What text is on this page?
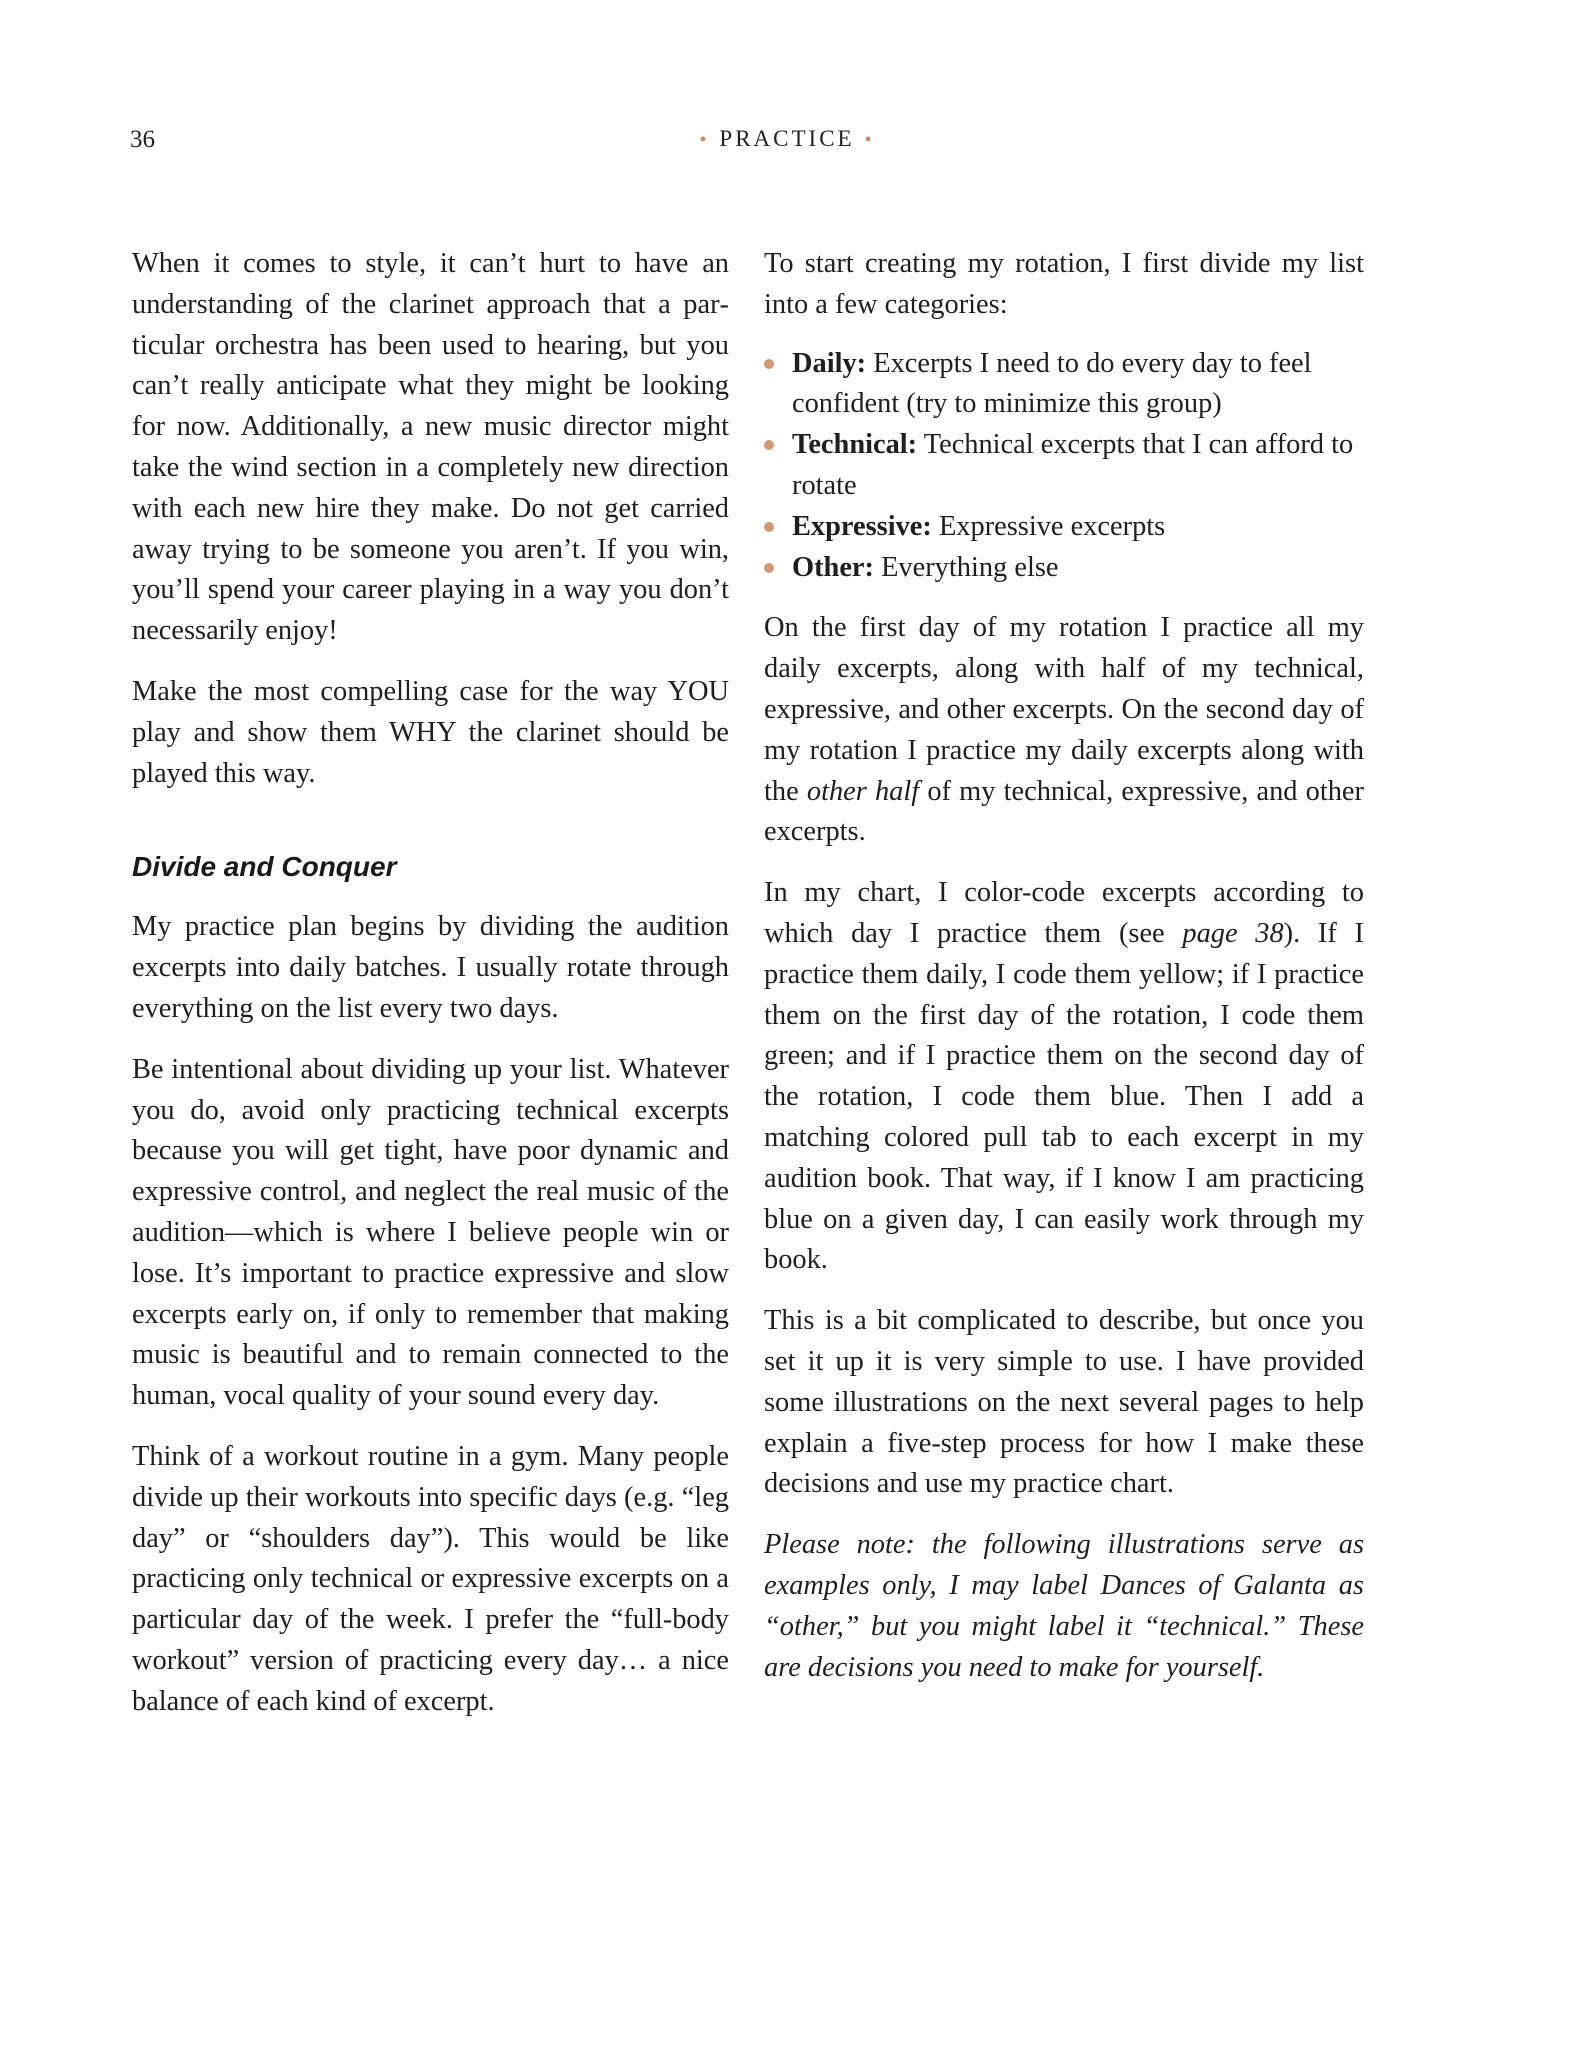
36	• PRACTICE •

When it comes to style, it can’t hurt to have an understanding of the clarinet approach that a particular orchestra has been used to hearing, but you can’t really anticipate what they might be looking for now. Additionally, a new music director might take the wind section in a completely new direction with each new hire they make. Do not get carried away trying to be someone you aren’t. If you win, you’ll spend your career playing in a way you don’t necessarily enjoy!

Make the most compelling case for the way YOU play and show them WHY the clarinet should be played this way.

Divide and Conquer

My practice plan begins by dividing the audition excerpts into daily batches. I usually rotate through everything on the list every two days.

Be intentional about dividing up your list. Whatever you do, avoid only practicing technical excerpts because you will get tight, have poor dynamic and expressive control, and neglect the real music of the audition—which is where I believe people win or lose. It’s important to practice expressive and slow excerpts early on, if only to remember that making music is beautiful and to remain connected to the human, vocal quality of your sound every day.

Think of a workout routine in a gym. Many people divide up their workouts into specific days (e.g. “leg day” or “shoulders day”). This would be like practicing only technical or expressive excerpts on a particular day of the week. I prefer the “full-body workout” version of practicing every day… a nice balance of each kind of excerpt.

To start creating my rotation, I first divide my list into a few categories:

Daily: Excerpts I need to do every day to feel confident (try to minimize this group)
Technical: Technical excerpts that I can afford to rotate
Expressive: Expressive excerpts
Other: Everything else

On the first day of my rotation I practice all my daily excerpts, along with half of my technical, expressive, and other excerpts. On the second day of my rotation I practice my daily excerpts along with the other half of my technical, expressive, and other excerpts.

In my chart, I color-code excerpts according to which day I practice them (see page 38). If I practice them daily, I code them yellow; if I practice them on the first day of the rotation, I code them green; and if I practice them on the second day of the rotation, I code them blue. Then I add a matching colored pull tab to each excerpt in my audition book. That way, if I know I am practicing blue on a given day, I can easily work through my book.

This is a bit complicated to describe, but once you set it up it is very simple to use. I have provided some illustrations on the next several pages to help explain a five-step process for how I make these decisions and use my practice chart.

Please note: the following illustrations serve as examples only, I may label Dances of Galanta as “other,” but you might label it “technical.” These are decisions you need to make for yourself.
